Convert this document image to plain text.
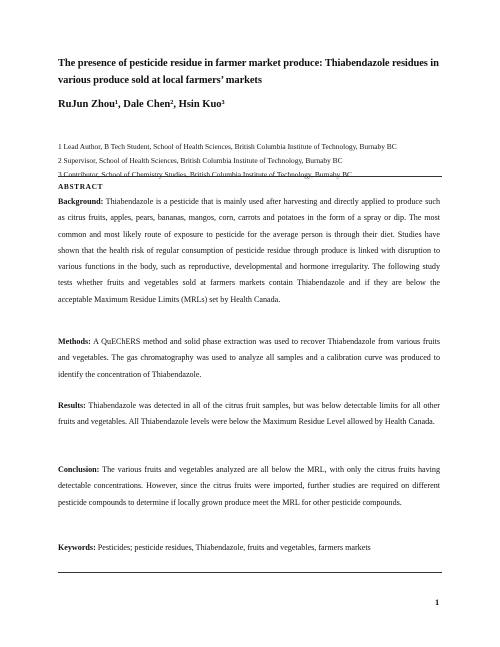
The presence of pesticide residue in farmer market produce: Thiabendazole residues in various produce sold at local farmers’ markets
RuJun Zhou¹, Dale Chen², Hsin Kuo³
1 Lead Author, B Tech Student, School of Health Sciences, British Columbia Institute of Technology, Burnaby BC
2 Supervisor, School of Health Sciences, British Columbia Institute of Technology, Burnaby BC
3 Contributor, School of Chemistry Studies, British Columbia Institute of Technology, Burnaby BC
ABSTRACT
Background: Thiabendazole is a pesticide that is mainly used after harvesting and directly applied to produce such as citrus fruits, apples, pears, bananas, mangos, corn, carrots and potatoes in the form of a spray or dip. The most common and most likely route of exposure to pesticide for the average person is through their diet. Studies have shown that the health risk of regular consumption of pesticide residue through produce is linked with disruption to various functions in the body, such as reproductive, developmental and hormone irregularity. The following study tests whether fruits and vegetables sold at farmers markets contain Thiabendazole and if they are below the acceptable Maximum Residue Limits (MRLs) set by Health Canada.
Methods: A QuEChERS method and solid phase extraction was used to recover Thiabendazole from various fruits and vegetables. The gas chromatography was used to analyze all samples and a calibration curve was produced to identify the concentration of Thiabendazole.
Results: Thiabendazole was detected in all of the citrus fruit samples, but was below detectable limits for all other fruits and vegetables. All Thiabendazole levels were below the Maximum Residue Level allowed by Health Canada.
Conclusion: The various fruits and vegetables analyzed are all below the MRL, with only the citrus fruits having detectable concentrations. However, since the citrus fruits were imported, further studies are required on different pesticide compounds to determine if locally grown produce meet the MRL for other pesticide compounds.
Keywords: Pesticides; pesticide residues, Thiabendazole, fruits and vegetables, farmers markets
1
